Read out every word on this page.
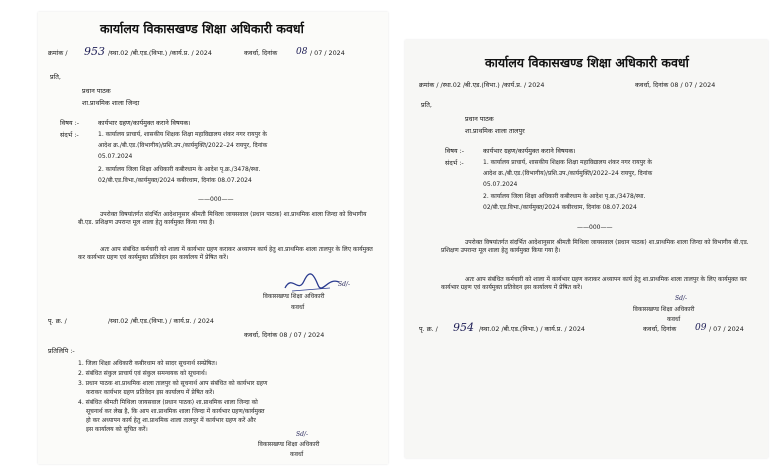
कार्यालय विकासखण्ड शिक्षा अधिकारी कवर्धा
क्रमांक / 953 /स्था.02 /बी.एड.(विभा.) /कार्य.प्र. / 2024	कवर्धा, दिनांक 08 / 07 / 2024
प्रति,
प्रधान पाठक
शा.प्राथमिक शाला जिन्दा
विषय :-	कार्यभार ग्रहण/कार्यमुक्त कराने विषयक।
संदर्भ :-	1. कार्यालय प्राचार्य, शासकीय शिक्षक शिक्षा महाविद्यालय शंकर नगर रायपुर के
आदेश क्र./बी.एड.(विभागीय)/प्रशि.उप./कार्यमुक्ति/2022–24 रायपुर, दिनांक
05.07.2024
2. कार्यालय जिला शिक्षा अधिकारी कबीरधाम के आदेश पृ.क्र./3478/स्था.
02/बी.एड.विभा./कार्यमुक्त/2024 कबीरधाम, दिनांक 08.07.2024
——000——
उपरोक्त विषयांतर्गत संदर्भित आदेशानुसार श्रीमती मिथिला जायसवाल (प्रधान पाठक) शा.प्राथमिक शाला जिन्दा को विभागीय बी.एड. प्रशिक्षण उपरान्त मूल शाला हेतु कार्यमुक्त किया गया है।
अतः आप संबंधित कर्मचारी को शाला में कार्यभार ग्रहण कराकर अध्यापन कार्य हेतु शा.प्राथमिक शाला तालपुर के लिए कार्यमुक्त कर कार्यभार ग्रहण एवं कार्यमुक्त प्रतिवेदन इस कार्यालय में प्रेषित करें।
Sd/-
विकासखण्ड शिक्षा अधिकारी
कवर्धा
पृ. क्र. /	/स्था.02 /बी.एड.(विभा.) / कार्य.प्र. / 2024
कवर्धा, दिनांक 08 / 07 / 2024
प्रतिलिपि :-
1. जिला शिक्षा अधिकारी कबीरधाम को सादर सूचनार्थ सम्प्रेषित।
2. संबंधित संकुल प्राचार्य एवं संकुल समन्वयक को सूचनार्थ।
3. प्रधान पाठक शा.प्राथमिक शाला तालपुर को सूचनार्थ आप संबंधित को कार्यभार ग्रहण
कराकर कार्यभार ग्रहण प्रतिवेदन इस कार्यालय में प्रेषित करें।
4. संबंधित श्रीमती मिथिला जायसवाल (प्रधान पाठक) शा.प्राथमिक शाला जिन्दा को
सूचनार्थ कर लेख है, कि आप शा.प्राथमिक शाला जिन्दा में कार्यभार ग्रहण/कार्यमुक्त
हो कर अध्यापन कार्य हेतु शा.प्राथमिक शाला तालपुर में कार्यभार ग्रहण करें और
इस कार्यालय को सूचित करें।
Sd/-
विकासखण्ड शिक्षा अधिकारी
कवर्धा
कार्यालय विकासखण्ड शिक्षा अधिकारी कवर्धा
क्रमांक / /स्था.02 /बी.एड.(विभा.) /कार्य.प्र. / 2024	कवर्धा, दिनांक 08 / 07 / 2024
प्रति,
प्रधान पाठक
शा.प्राथमिक शाला तालपुर
विषय :-	कार्यभार ग्रहण/कार्यमुक्त कराने विषयक।
संदर्भ :-	1. कार्यालय प्राचार्य, शासकीय शिक्षक शिक्षा महाविद्यालय शंकर नगर रायपुर के
आदेश क्र./बी.एड.(विभागीय)/प्रशि.उप./कार्यमुक्ति/2022–24 रायपुर, दिनांक
05.07.2024
2. कार्यालय जिला शिक्षा अधिकारी कबीरधाम के आदेश पृ.क्र./3478/स्था.
02/बी.एड.विभा./कार्यमुक्त/2024 कबीरधाम, दिनांक 08.07.2024
——000——
उपरोक्त विषयांतर्गत संदर्भित आदेशानुसार श्रीमती मिथिला जायसवाल (प्रधान पाठक) शा.प्राथमिक शाला जिन्दा को विभागीय बी.एड. प्रशिक्षण उपरान्त मूल शाला हेतु कार्यमुक्त किया गया है।
अतः आप संबंधित कर्मचारी को शाला में कार्यभार ग्रहण कराकर अध्यापन कार्य हेतु शा.प्राथमिक शाला तालपुर के लिए कार्यमुक्त कर कार्यभार ग्रहण एवं कार्यमुक्त प्रतिवेदन इस कार्यालय में प्रेषित करें।
Sd/-
विकासखण्ड शिक्षा अधिकारी
कवर्धा
पृ. क्र. / 954 /स्था.02 /बी.एड.(विभा.) / कार्य.प्र. / 2024	कवर्धा, दिनांक 09 / 07 / 2024
